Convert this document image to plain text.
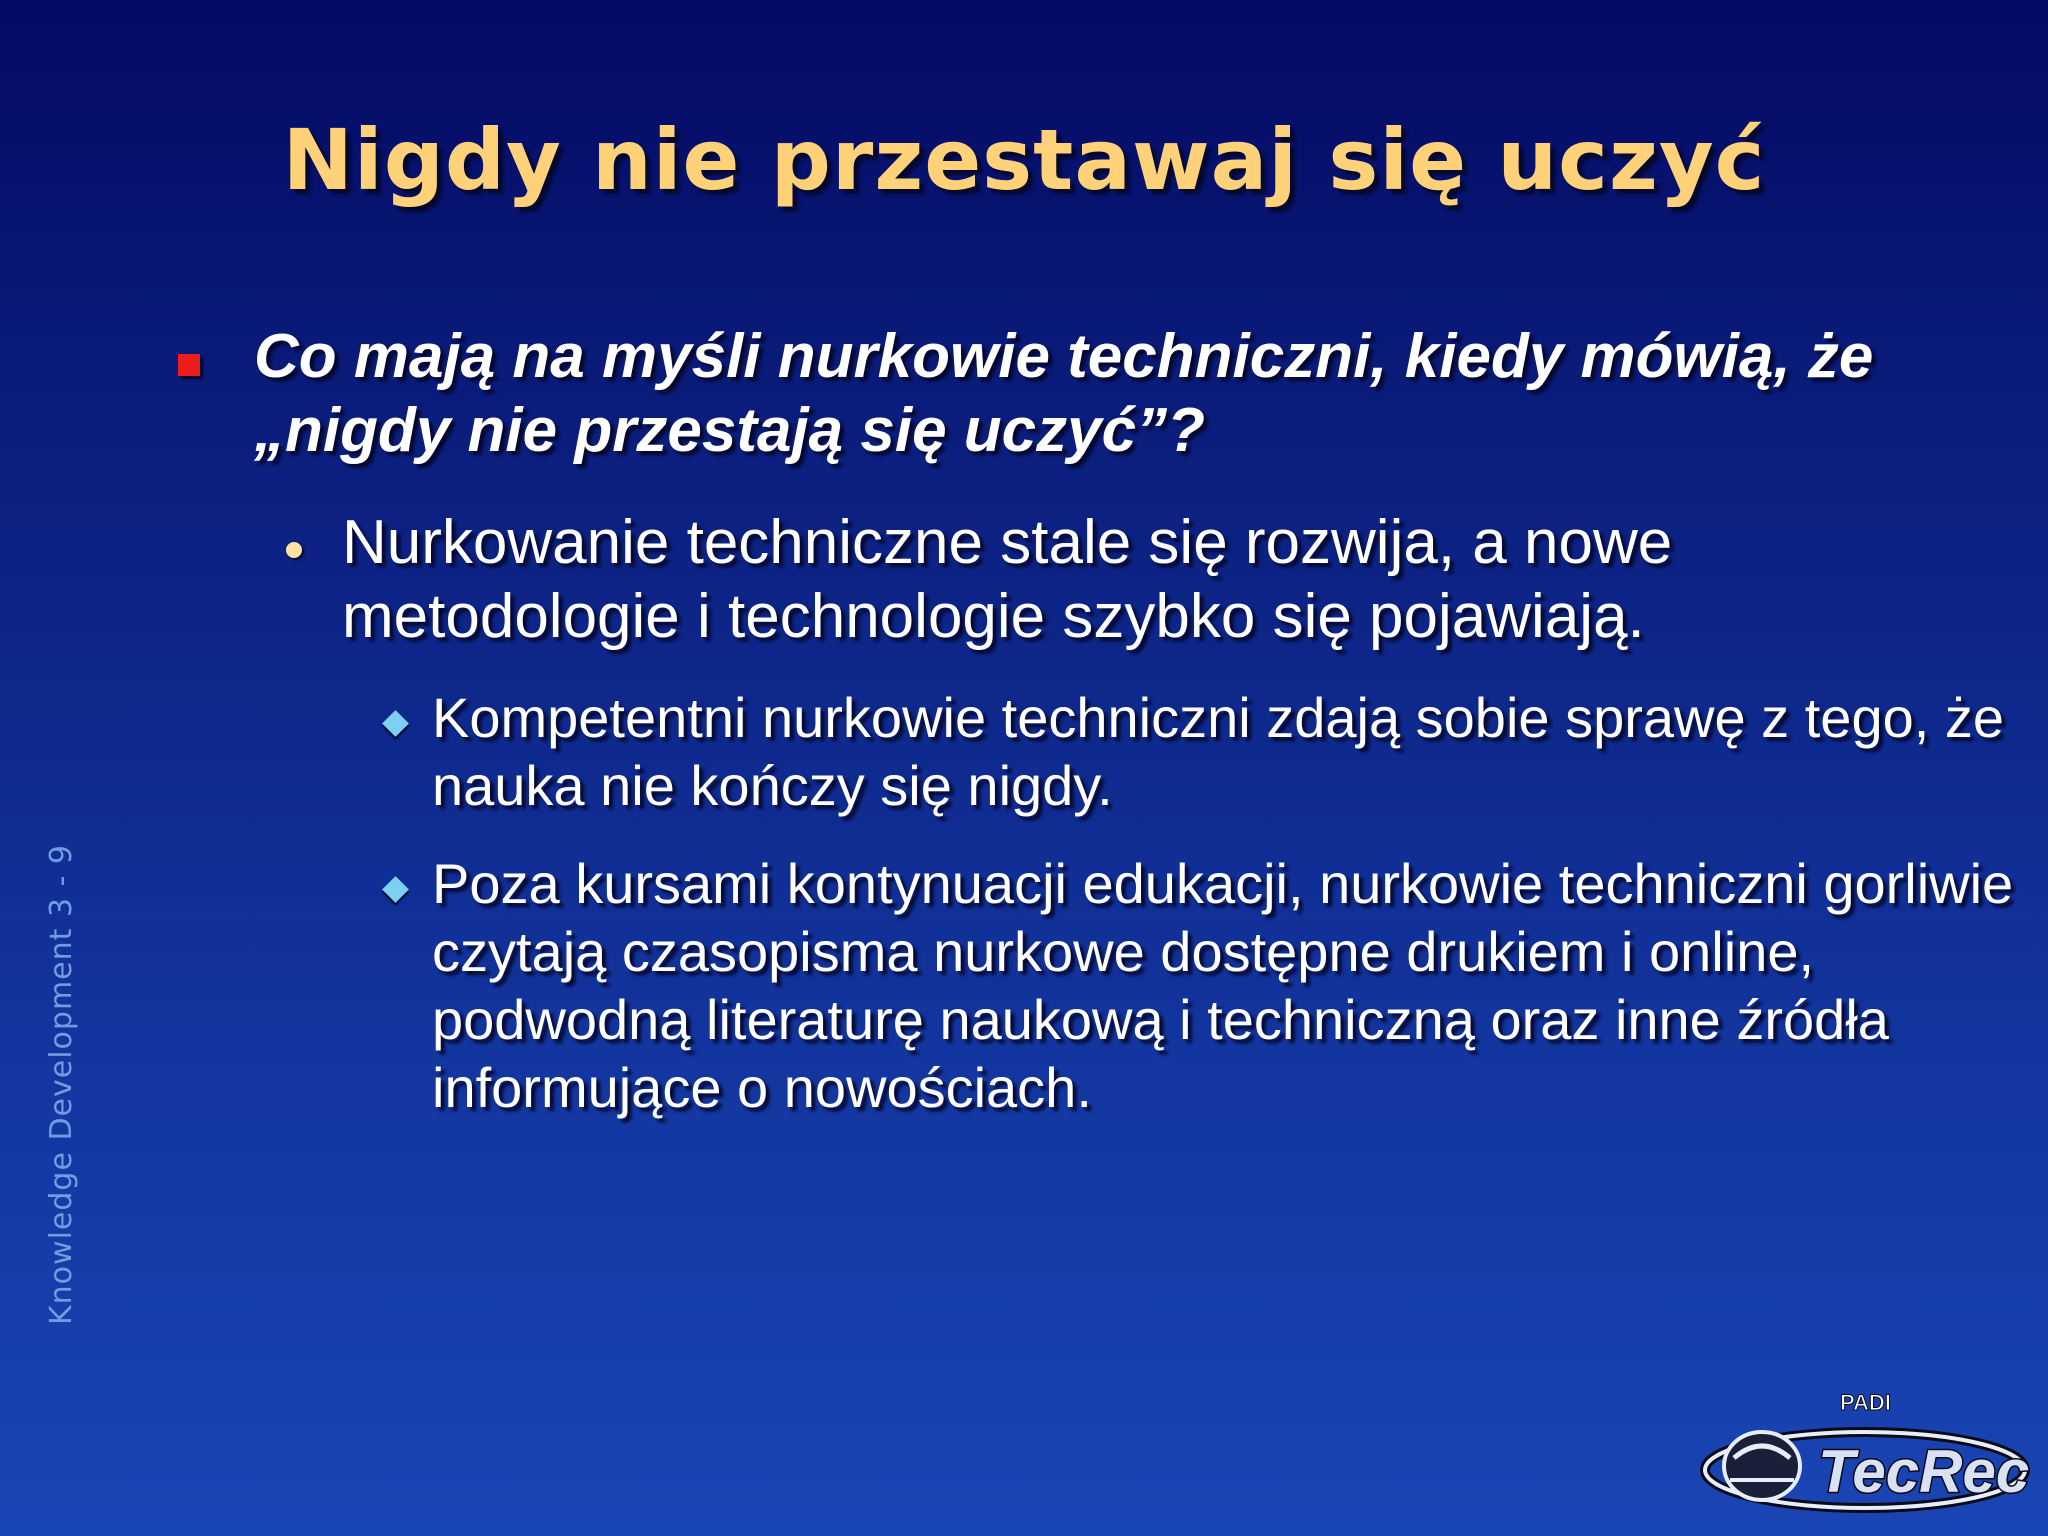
Nigdy nie przestawaj się uczyć
Knowledge Development 3 - 9
Co mają na myśli nurkowie techniczni, kiedy mówią, że „nigdy nie przestają się uczyć”?
Nurkowanie techniczne stale się rozwija, a nowe metodologie i technologie szybko się pojawiają.
Kompetentni nurkowie techniczni zdają sobie sprawę z tego, że nauka nie kończy się nigdy.
Poza kursami kontynuacji edukacji, nurkowie techniczni gorliwie czytają czasopisma nurkowe dostępne drukiem i online, podwodną literaturę naukową i techniczną oraz inne źródła informujące o nowościach.
PADI
TecRec
